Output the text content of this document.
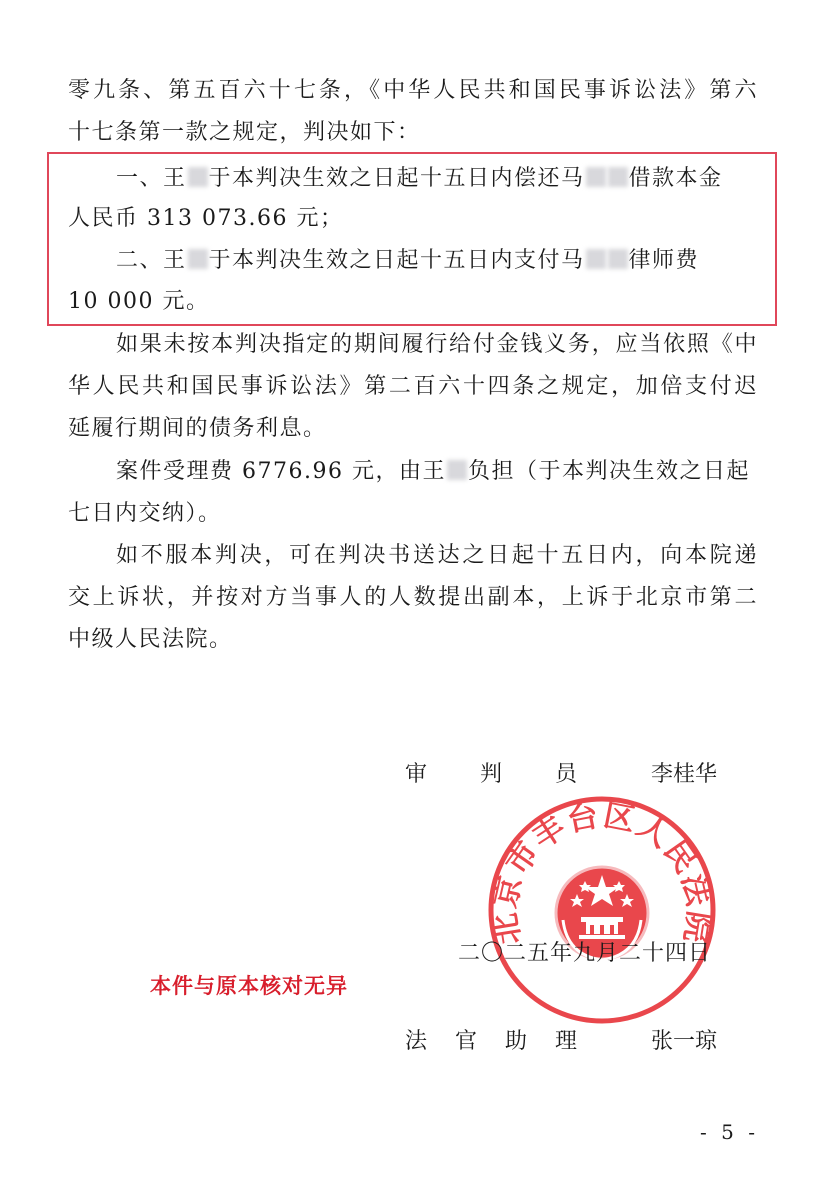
零九条、第五百六十七条，《中华人民共和国民事诉讼法》第六
十七条第一款之规定，判决如下：
一、王 于本判决生效之日起十五日内偿还马 借款本金
人民币 313 073.66 元；
二、王 于本判决生效之日起十五日内支付马 律师费
10 000 元。
如果未按本判决指定的期间履行给付金钱义务，应当依照《中
华人民共和国民事诉讼法》第二百六十四条之规定，加倍支付迟
延履行期间的债务利息。
案件受理费 6776.96 元，由王 负担（于本判决生效之日起
七日内交纳）。
如不服本判决，可在判决书送达之日起十五日内，向本院递
交上诉状，并按对方当事人的人数提出副本，上诉于北京市第二
中级人民法院。
北京市丰台区人民法院
审 判 员	李桂华
二〇二五年九月二十四日
法 官 助 理	张一琼
本件与原本核对无异
- 5 -
